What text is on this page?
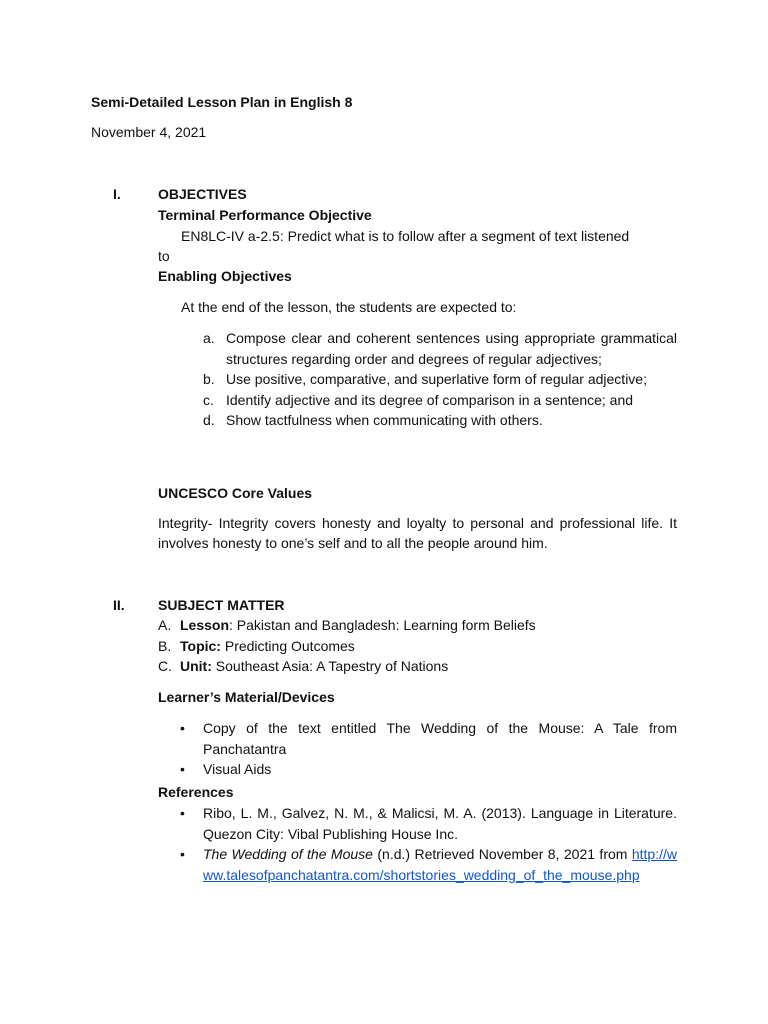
Semi-Detailed Lesson Plan in English 8

November 4, 2021

I.	OBJECTIVES

Terminal Performance Objective

EN8LC-IV a-2.5: Predict what is to follow after a segment of text listened

to

Enabling Objectives

At the end of the lesson, the students are expected to:

a. Compose clear and coherent sentences using appropriate grammatical structures regarding order and degrees of regular adjectives;
b. Use positive, comparative, and superlative form of regular adjective;
c. Identify adjective and its degree of comparison in a sentence; and
d. Show tactfulness when communicating with others.

UNCESCO Core Values

Integrity- Integrity covers honesty and loyalty to personal and professional life. It involves honesty to one’s self and to all the people around him.

II. SUBJECT MATTER

A. Lesson: Pakistan and Bangladesh: Learning form Beliefs
B. Topic: Predicting Outcomes
C. Unit: Southeast Asia: A Tapestry of Nations

Learner’s Material/Devices

•	Copy of the text entitled The Wedding of the Mouse: A Tale from Panchatantra
•	Visual Aids

References

•	Ribo, L. M., Galvez, N. M., & Malicsi, M. A. (2013). Language in Literature. Quezon City: Vibal Publishing House Inc.
•	The Wedding of the Mouse (n.d.) Retrieved November 8, 2021 from http://www.talesofpanchatantra.com/shortstories_wedding_of_the_mouse.php
